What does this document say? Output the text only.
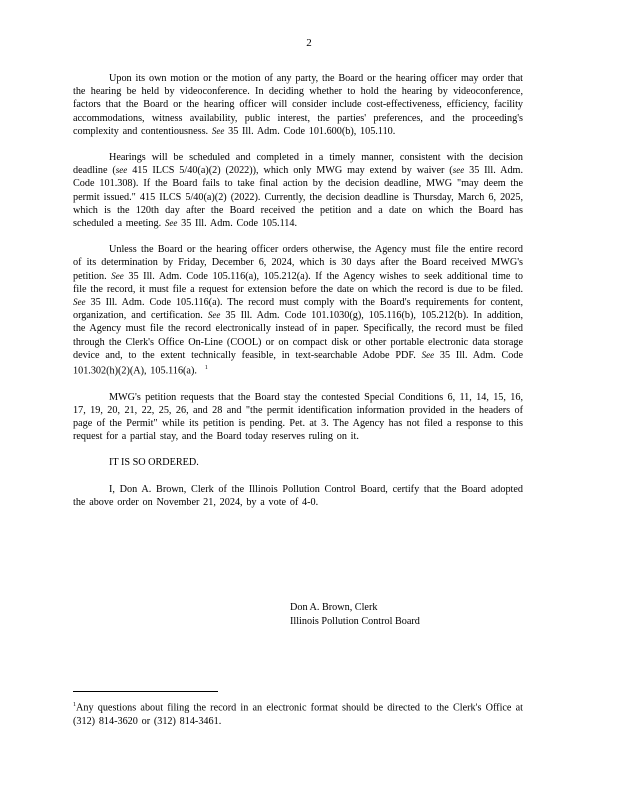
2

Upon its own motion or the motion of any party, the Board or the hearing officer may order that the hearing be held by videoconference. In deciding whether to hold the hearing by videoconference, factors that the Board or the hearing officer will consider include cost-effectiveness, efficiency, facility accommodations, witness availability, public interest, the parties' preferences, and the proceeding's complexity and contentiousness. See 35 Ill. Adm. Code 101.600(b), 105.110.

Hearings will be scheduled and completed in a timely manner, consistent with the decision deadline (see 415 ILCS 5/40(a)(2) (2022)), which only MWG may extend by waiver (see 35 Ill. Adm. Code 101.308). If the Board fails to take final action by the decision deadline, MWG "may deem the permit issued." 415 ILCS 5/40(a)(2) (2022). Currently, the decision deadline is Thursday, March 6, 2025, which is the 120th day after the Board received the petition and a date on which the Board has scheduled a meeting. See 35 Ill. Adm. Code 105.114.

Unless the Board or the hearing officer orders otherwise, the Agency must file the entire record of its determination by Friday, December 6, 2024, which is 30 days after the Board received MWG's petition. See 35 Ill. Adm. Code 105.116(a), 105.212(a). If the Agency wishes to seek additional time to file the record, it must file a request for extension before the date on which the record is due to be filed. See 35 Ill. Adm. Code 105.116(a). The record must comply with the Board's requirements for content, organization, and certification. See 35 Ill. Adm. Code 101.1030(g), 105.116(b), 105.212(b). In addition, the Agency must file the record electronically instead of in paper. Specifically, the record must be filed through the Clerk's Office On-Line (COOL) or on compact disk or other portable electronic data storage device and, to the extent technically feasible, in text-searchable Adobe PDF. See 35 Ill. Adm. Code 101.302(h)(2)(A), 105.116(a). $^1$

MWG's petition requests that the Board stay the contested Special Conditions 6, 11, 14, 15, 16, 17, 19, 20, 21, 22, 25, 26, and 28 and "the permit identification information provided in the headers of page of the Permit" while its petition is pending. Pet. at 3. The Agency has not filed a response to this request for a partial stay, and the Board today reserves ruling on it.

IT IS SO ORDERED.

I, Don A. Brown, Clerk of the Illinois Pollution Control Board, certify that the Board adopted the above order on November 21, 2024, by a vote of 4-0.

Don A. Brown, Clerk
Illinois Pollution Control Board
$^1$Any questions about filing the record in an electronic format should be directed to the Clerk's Office at (312) 814-3620 or (312) 814-3461.
